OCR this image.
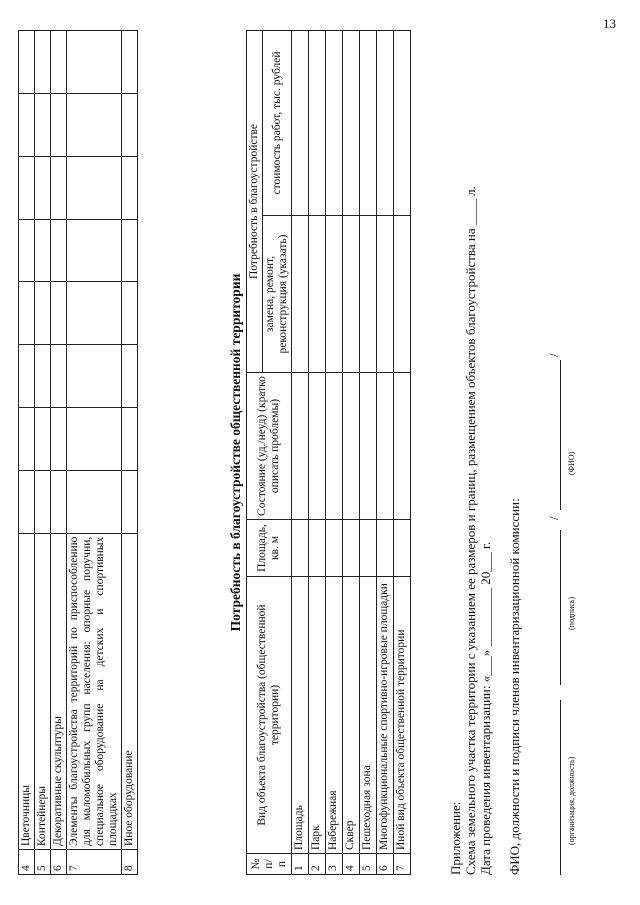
13
4	Цветочницы								
5	Контейнеры								
6	Декоративные скульптуры								
7	Элементы благоустройства территорий по приспособлению для маломобильных групп населения: опорные поручни, специальное оборудование на детских и спортивных площадках								
8	Иное оборудование								
Потребность в благоустройстве общественной территории
№ п/п	Вид объекта благоустройства (общественной территории)	Площадь, кв. м	Состояние (уд./неуд) (кратко описать проблемы)	Потребность в благоустройстве	
				замена, ремонт, реконструкция (указать)	стоимость работ, тыс. рублей
1	Площадь				
2	Парк				
3	Набережная				
4	Сквер				
5	Пешеходная зона				
6	Многофункциональные спортивно-игровые площадки				
7	Иной вид объекта общественной территории					Приложение: Схема земельного участка территории с указанием ее размеров и границ, размещением объектов благоустройства на ____ л. Дата проведения инвентаризации: «___» _________ 20___ г. ФИО, должности и подписи членов инвентаризационной комиссии:	(организация, должность)
(подпись)
/
(ФИО)
/
